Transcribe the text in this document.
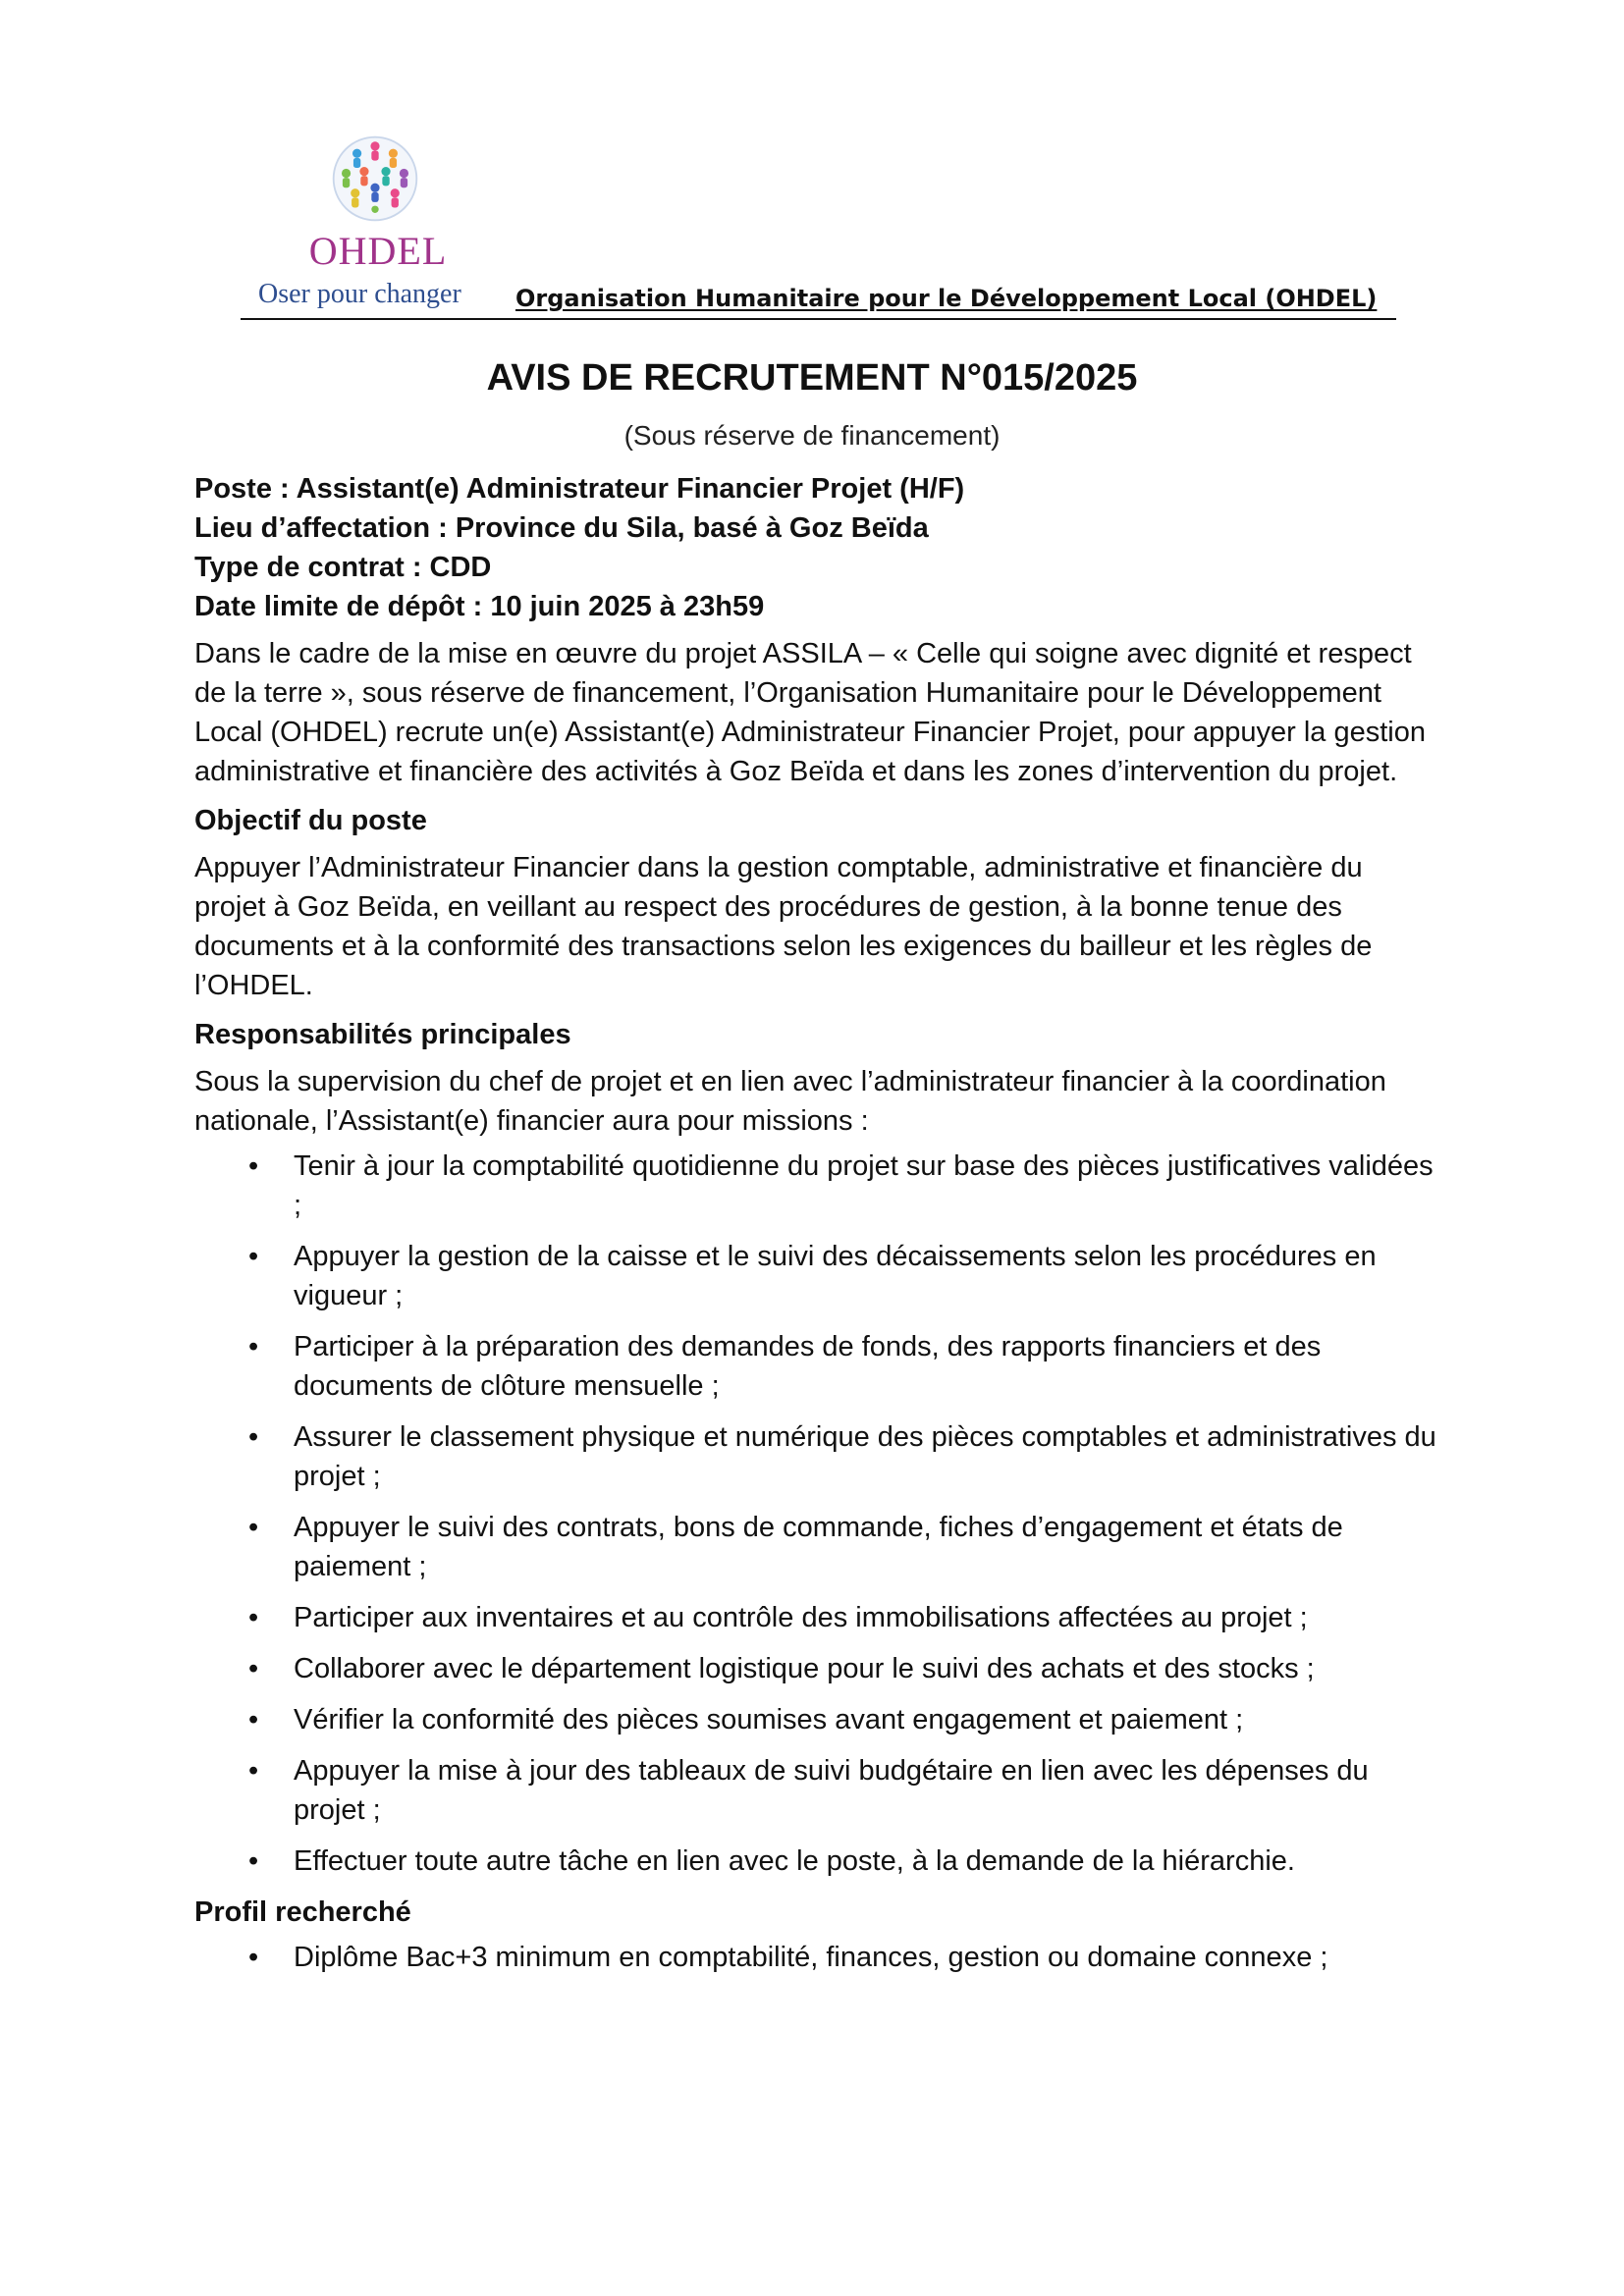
OHDEL
Oser pour changer Organisation Humanitaire pour le Développement Local (OHDEL)
AVIS DE RECRUTEMENT N°015/2025
(Sous réserve de financement)
Poste : Assistant(e) Administrateur Financier Projet (H/F)
Lieu d’affectation : Province du Sila, basé à Goz Beïda
Type de contrat : CDD
Date limite de dépôt : 10 juin 2025 à 23h59

Dans le cadre de la mise en œuvre du projet ASSILA – « Celle qui soigne avec dignité et respect de la terre », sous réserve de financement, l’Organisation Humanitaire pour le Développement Local (OHDEL) recrute un(e) Assistant(e) Administrateur Financier Projet, pour appuyer la gestion administrative et financière des activités à Goz Beïda et dans les zones d’intervention du projet.

Objectif du poste

Appuyer l’Administrateur Financier dans la gestion comptable, administrative et financière du projet à Goz Beïda, en veillant au respect des procédures de gestion, à la bonne tenue des documents et à la conformité des transactions selon les exigences du bailleur et les règles de l’OHDEL.

Responsabilités principales

Sous la supervision du chef de projet et en lien avec l’administrateur financier à la coordination nationale, l’Assistant(e) financier aura pour missions :

• Tenir à jour la comptabilité quotidienne du projet sur base des pièces justificatives validées ;
• Appuyer la gestion de la caisse et le suivi des décaissements selon les procédures en vigueur ;
• Participer à la préparation des demandes de fonds, des rapports financiers et des documents de clôture mensuelle ;
• Assurer le classement physique et numérique des pièces comptables et administratives du projet ;
• Appuyer le suivi des contrats, bons de commande, fiches d’engagement et états de paiement ;
• Participer aux inventaires et au contrôle des immobilisations affectées au projet ;
• Collaborer avec le département logistique pour le suivi des achats et des stocks ;
• Vérifier la conformité des pièces soumises avant engagement et paiement ;
• Appuyer la mise à jour des tableaux de suivi budgétaire en lien avec les dépenses du projet ;
• Effectuer toute autre tâche en lien avec le poste, à la demande de la hiérarchie.
Profil recherché
• Diplôme Bac+3 minimum en comptabilité, finances, gestion ou domaine connexe ;
